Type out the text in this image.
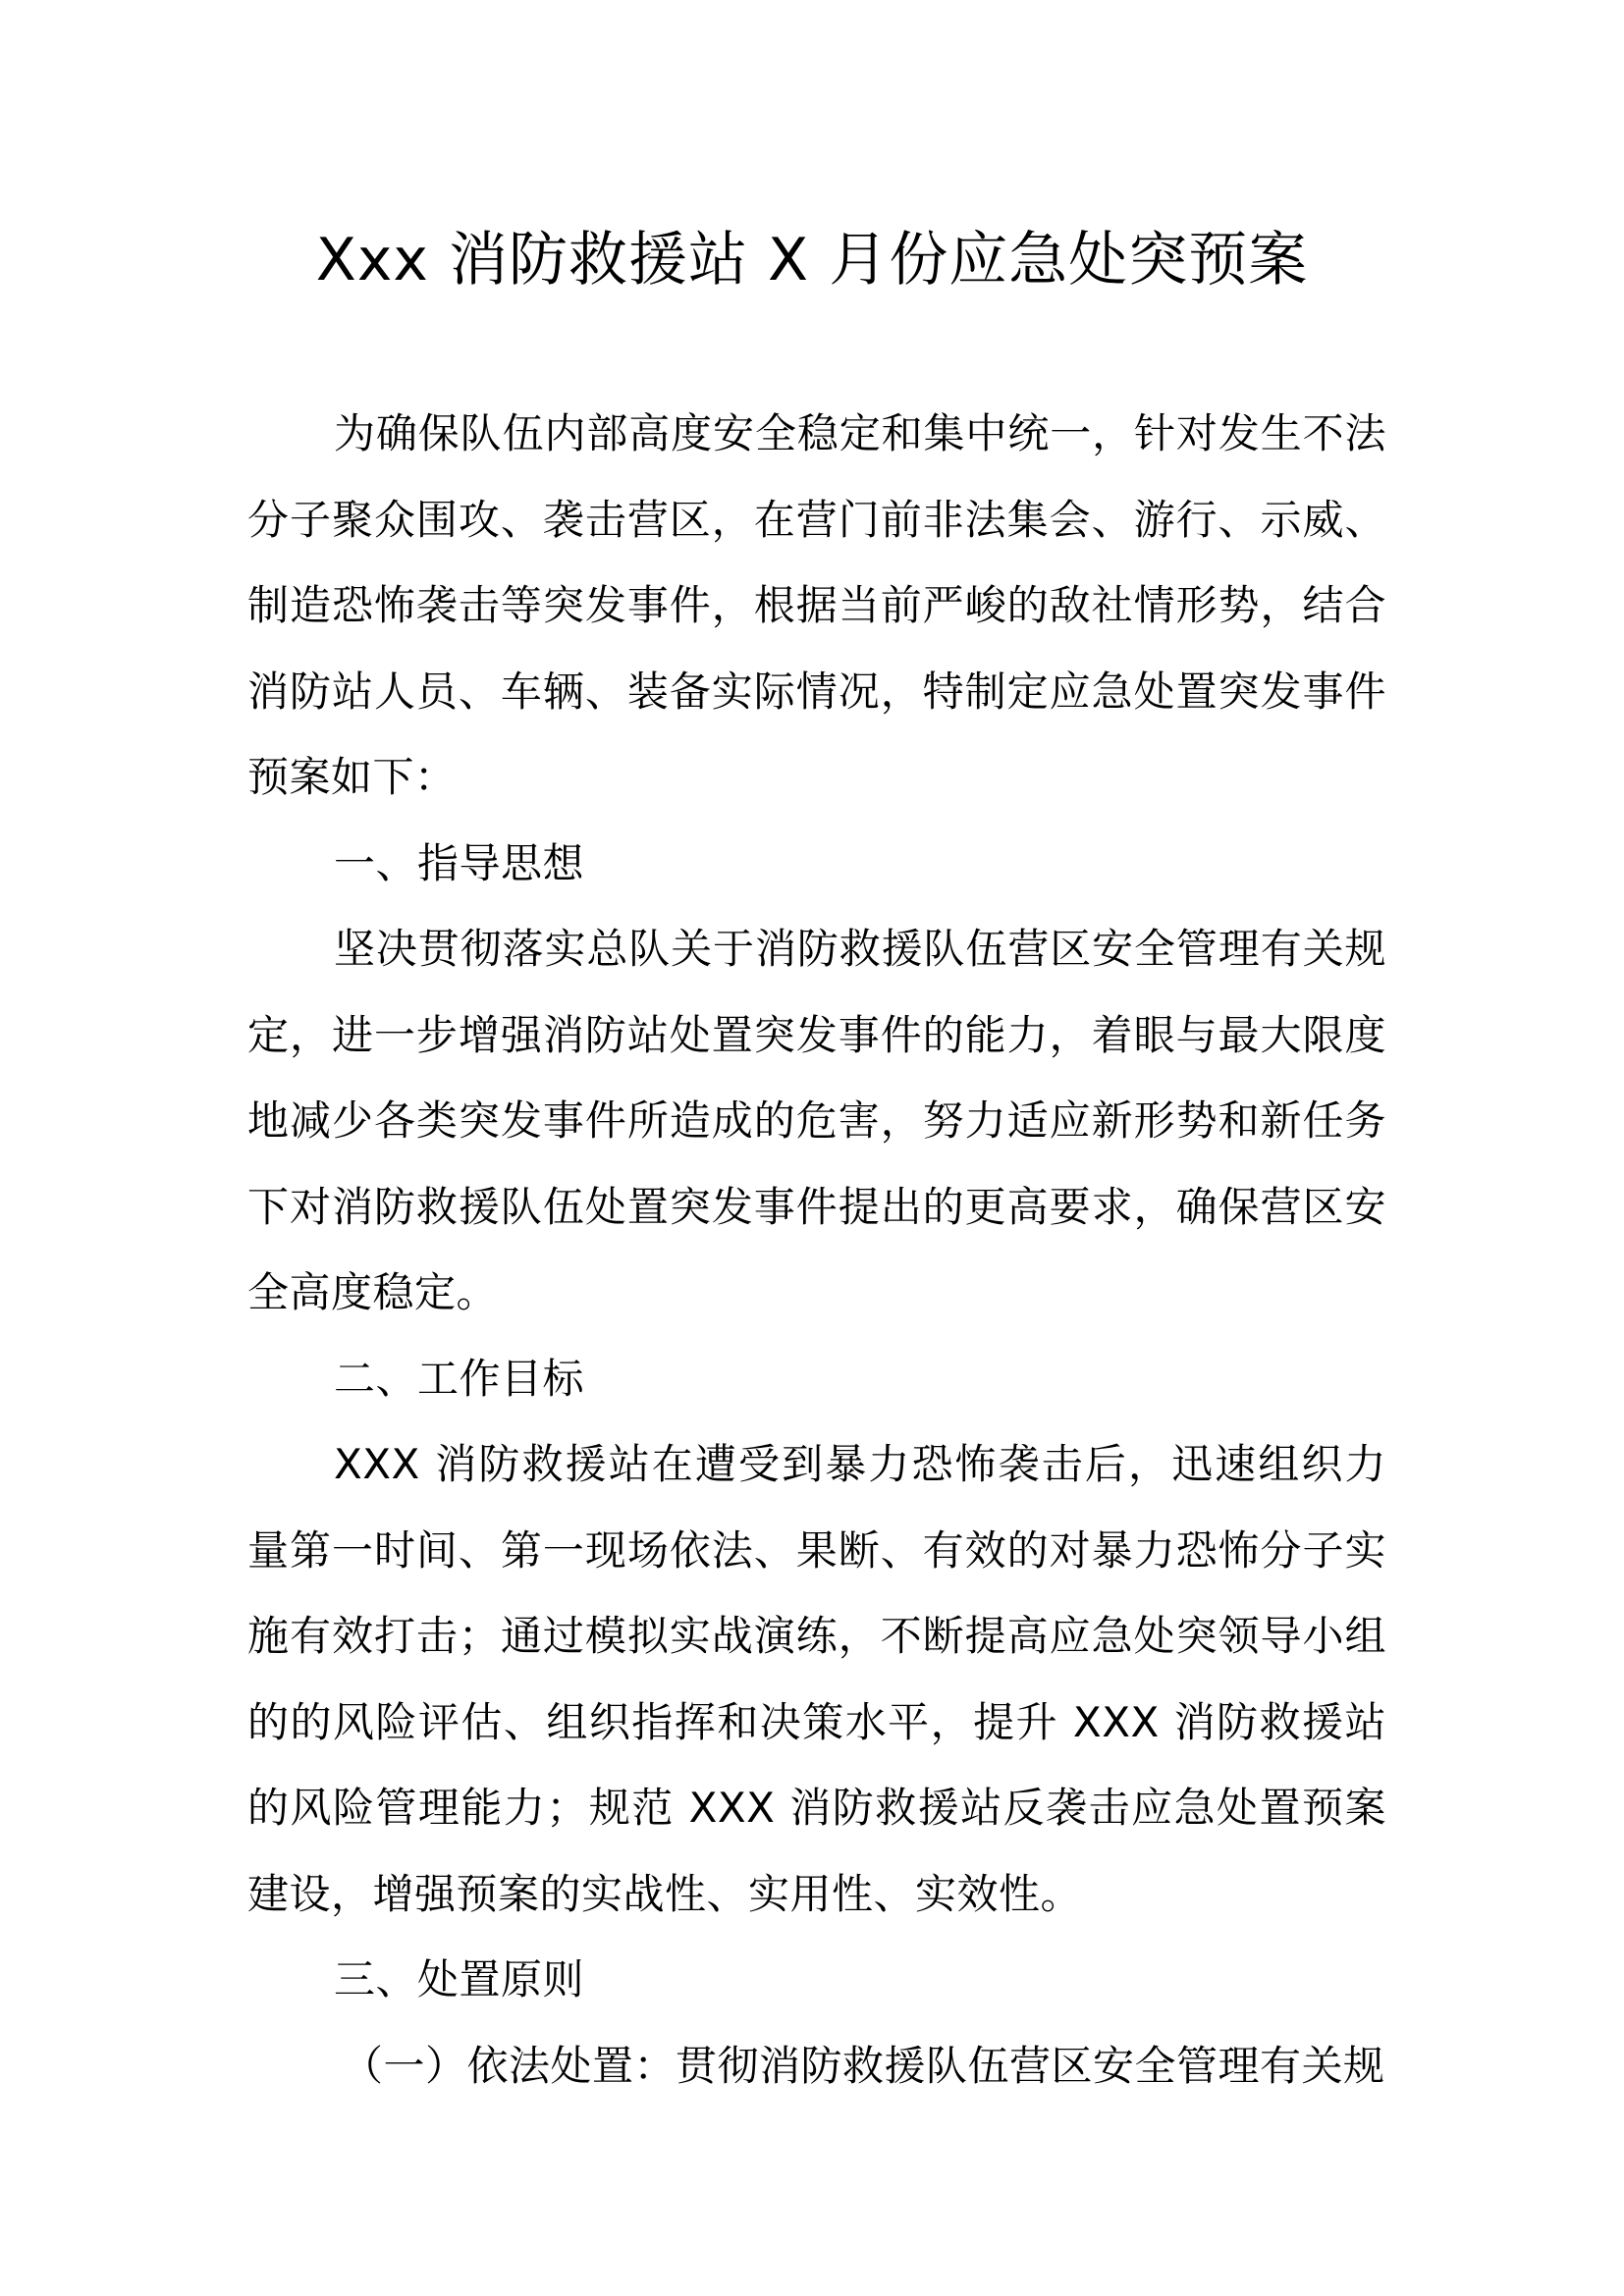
Xxx 消防救援站 X 月份应急处突预案

为确保队伍内部高度安全稳定和集中统一，针对发生不法分子聚众围攻、袭击营区，在营门前非法集会、游行、示威、制造恐怖袭击等突发事件，根据当前严峻的敌社情形势，结合消防站人员、车辆、装备实际情况，特制定应急处置突发事件预案如下：

一、指导思想

坚决贯彻落实总队关于消防救援队伍营区安全管理有关规定，进一步增强消防站处置突发事件的能力，着眼与最大限度地减少各类突发事件所造成的危害，努力适应新形势和新任务下对消防救援队伍处置突发事件提出的更高要求，确保营区安全高度稳定。

二、工作目标

XXX 消防救援站在遭受到暴力恐怖袭击后，迅速组织力量第一时间、第一现场依法、果断、有效的对暴力恐怖分子实施有效打击；通过模拟实战演练，不断提高应急处突领导小组的的风险评估、组织指挥和决策水平，提升 XXX 消防救援站的风险管理能力；规范 XXX 消防救援站反袭击应急处置预案建设，增强预案的实战性、实用性、实效性。

三、处置原则

（一）依法处置：贯彻消防救援队伍营区安全管理有关规
